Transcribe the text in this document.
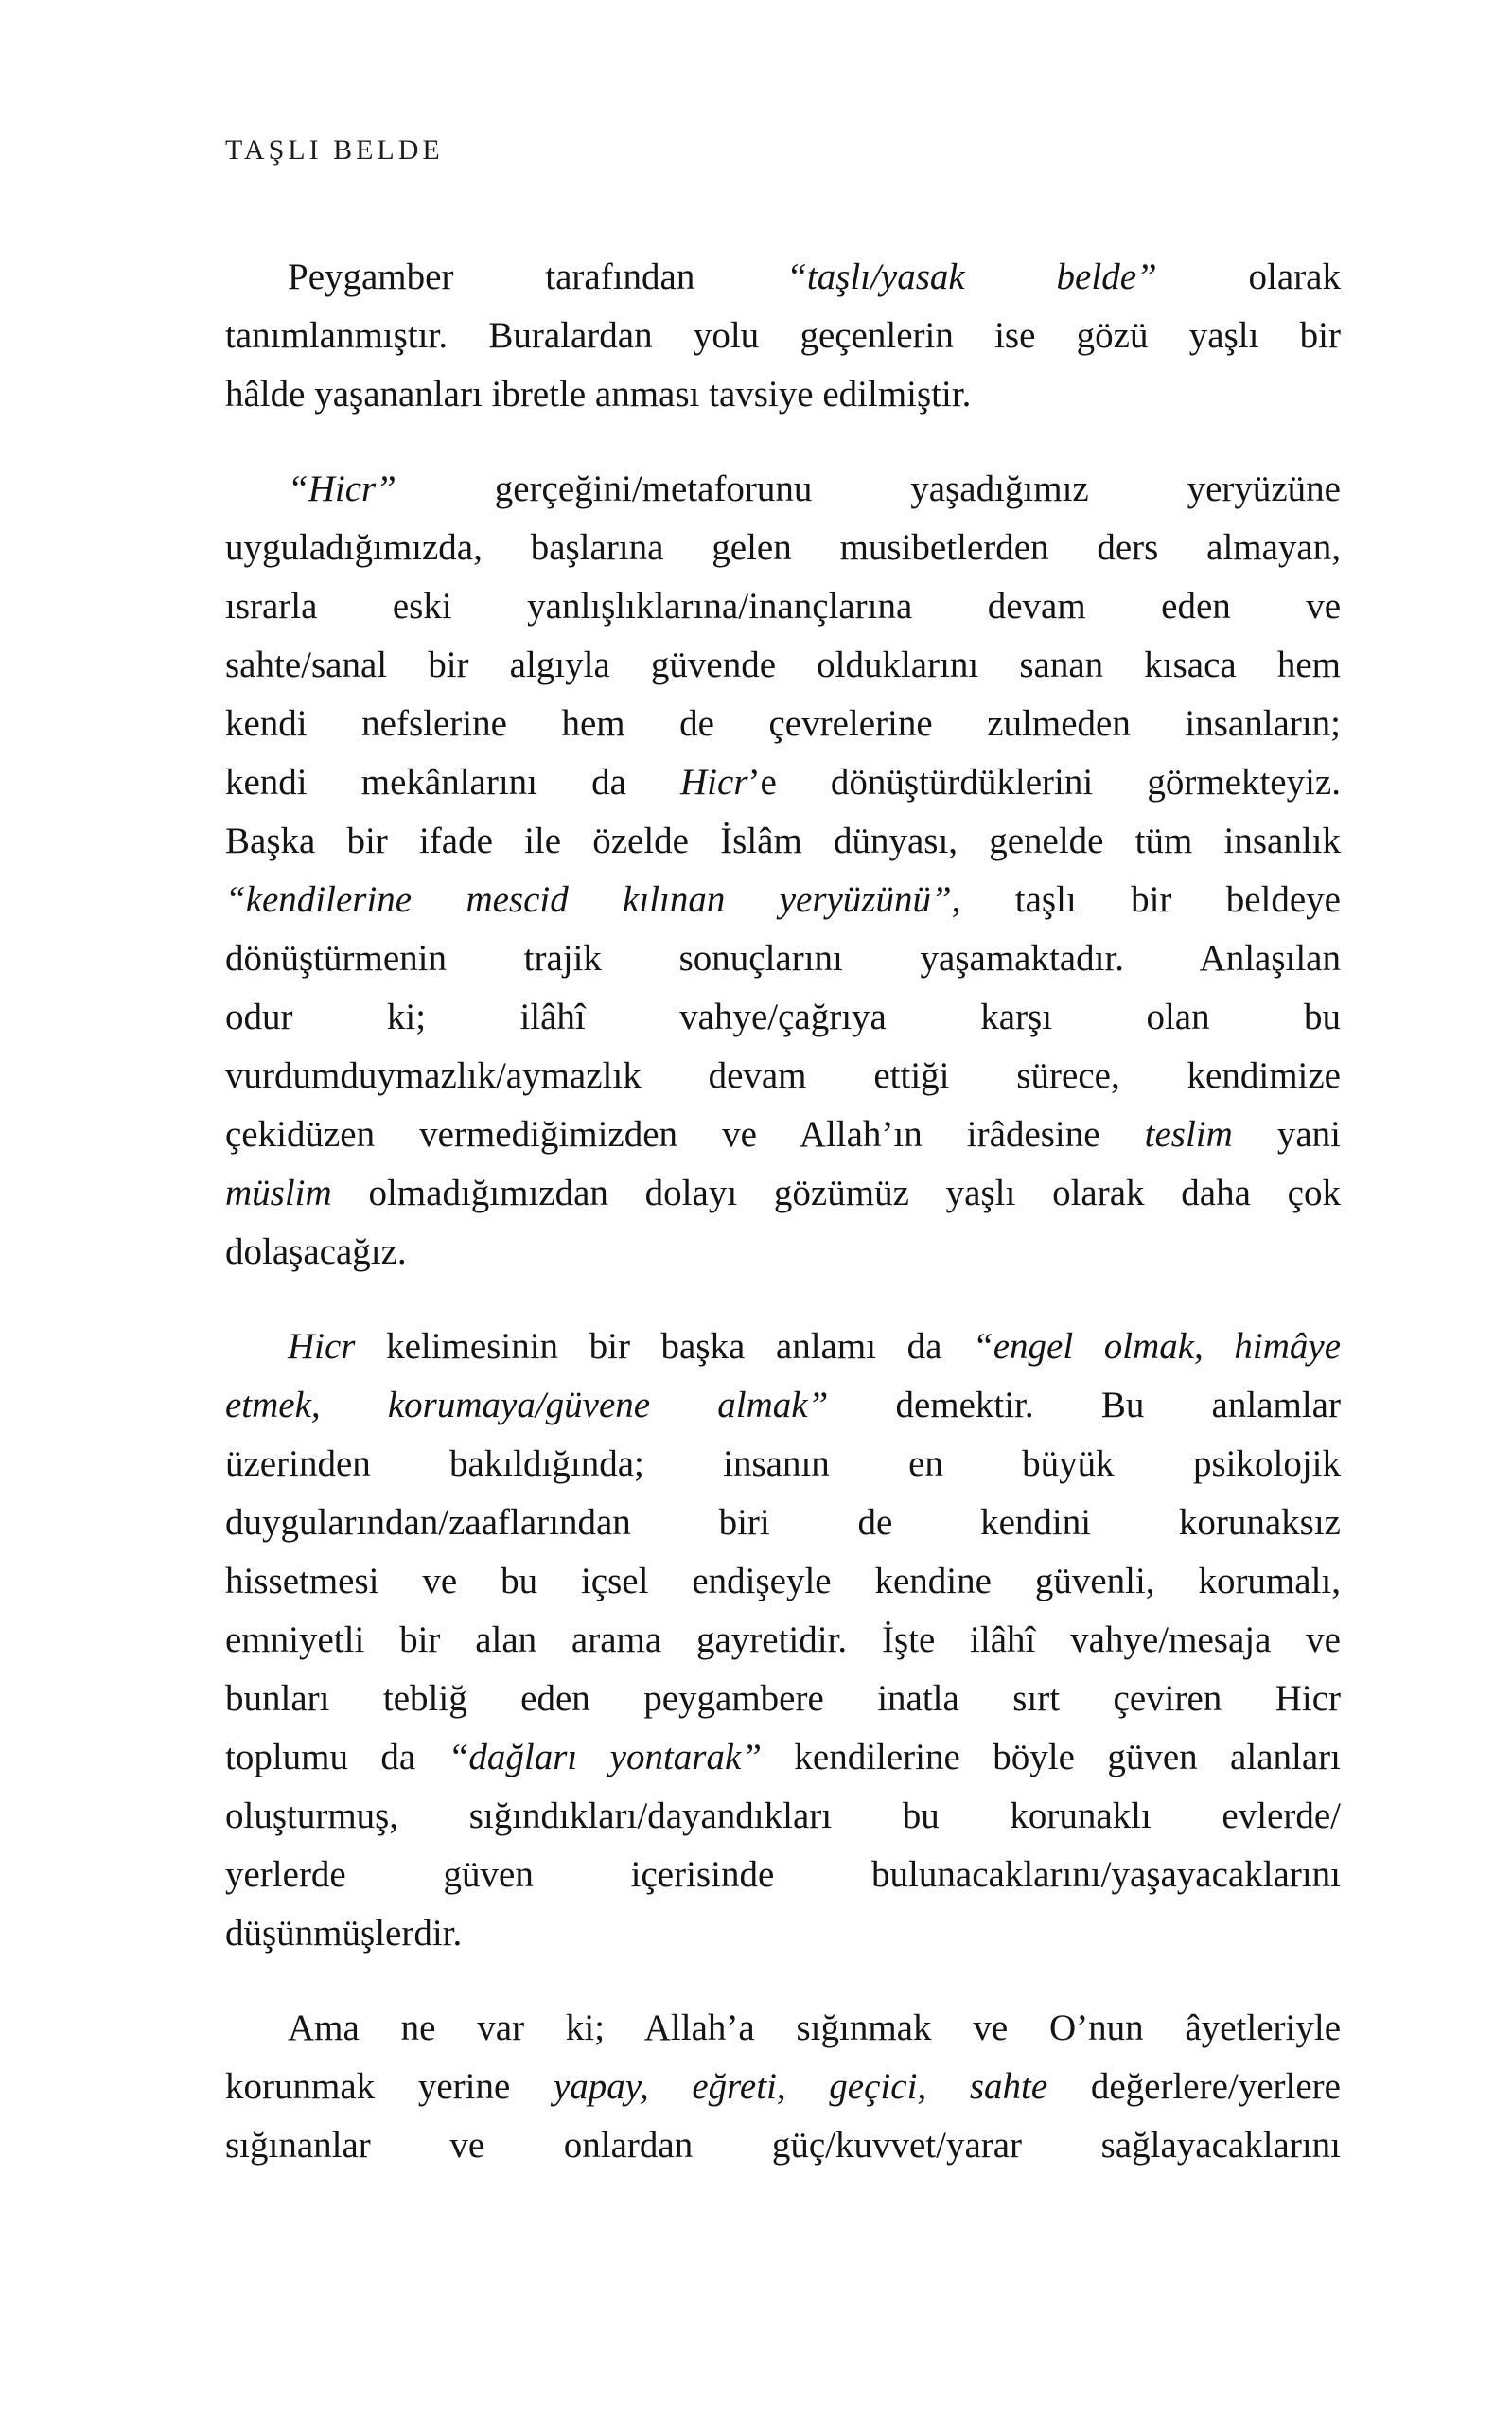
TAŞLI BELDE
Peygamber tarafından “taşlı/yasak belde” olarak
tanımlanmıştır. Buralardan yolu geçenlerin ise gözü yaşlı bir
hâlde yaşananları ibretle anması tavsiye edilmiştir.
“Hicr” gerçeğini/metaforunu yaşadığımız yeryüzüne
uyguladığımızda, başlarına gelen musibetlerden ders almayan,
ısrarla eski yanlışlıklarına/inançlarına devam eden ve
sahte/sanal bir algıyla güvende olduklarını sanan kısaca hem
kendi nefslerine hem de çevrelerine zulmeden insanların;
kendi mekânlarını da Hicr’e dönüştürdüklerini görmekteyiz.
Başka bir ifade ile özelde İslâm dünyası, genelde tüm insanlık
“kendilerine mescid kılınan yeryüzünü”, taşlı bir beldeye
dönüştürmenin trajik sonuçlarını yaşamaktadır. Anlaşılan
odur ki; ilâhî vahye/çağrıya karşı olan bu
vurdumduymazlık/aymazlık devam ettiği sürece, kendimize
çekidüzen vermediğimizden ve Allah’ın irâdesine teslim yani
müslim olmadığımızdan dolayı gözümüz yaşlı olarak daha çok
dolaşacağız.
Hicr kelimesinin bir başka anlamı da “engel olmak, himâye
etmek, korumaya/güvene almak” demektir. Bu anlamlar
üzerinden bakıldığında; insanın en büyük psikolojik
duygularından/zaaflarından biri de kendini korunaksız
hissetmesi ve bu içsel endişeyle kendine güvenli, korumalı,
emniyetli bir alan arama gayretidir. İşte ilâhî vahye/mesaja ve
bunları tebliğ eden peygambere inatla sırt çeviren Hicr
toplumu da “dağları yontarak” kendilerine böyle güven alanları
oluşturmuş, sığındıkları/dayandıkları bu korunaklı evlerde/
yerlerde güven içerisinde bulunacaklarını/yaşayacaklarını
düşünmüşlerdir.
Ama ne var ki; Allah’a sığınmak ve O’nun âyetleriyle
korunmak yerine yapay, eğreti, geçici, sahte değerlere/yerlere
sığınanlar ve onlardan güç/kuvvet/yarar sağlayacaklarını
